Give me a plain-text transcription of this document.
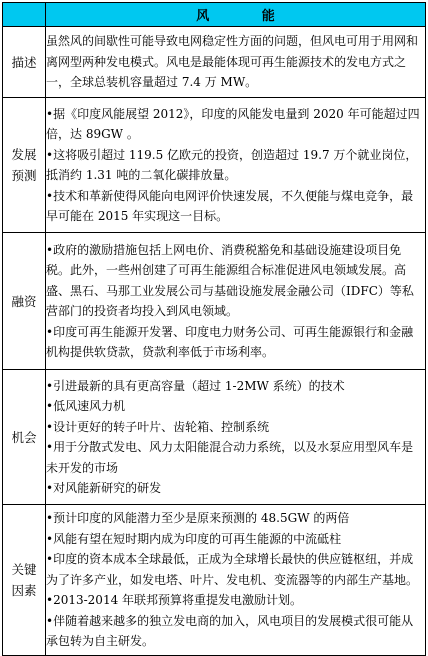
	风 能
描述	虽然风的间歇性可能导致电网稳定性方面的问题，但风电可用于用网和离网型两种发电模式。风电是最能体现可再生能源技术的发电方式之一，全球总装机容量超过 7.4 万 MW。

发展预测	•据《印度风能展望 2012》，印度的风能发电量到 2020 年可能超过四倍，达 89GW 。

•这将吸引超过 119.5 亿欧元的投资，创造超过 19.7 万个就业岗位，抵消约 1.31 吨的二氧化碳排放量。

•技术和革新使得风能向电网评价快速发展，不久便能与煤电竞争，最早可能在 2015 年实现这一目标。

融资	•政府的激励措施包括上网电价、消费税豁免和基础设施建设项目免税。此外，一些州创建了可再生能源组合标准促进风电领域发展。高盛、黑石、马那工业发展公司与基础设施发展金融公司（IDFC）等私营部门的投资者均投入到风电领域。

•印度可再生能源开发署、印度电力财务公司、可再生能源银行和金融机构提供软贷款，贷款利率低于市场利率。

机会	•引进最新的具有更高容量（超过 1-2MW 系统）的技术

•低风速风力机

•设计更好的转子叶片、齿轮箱、控制系统

•用于分散式发电、风力太阳能混合动力系统，以及水泵应用型风车是未开发的市场

•对风能新研究的研发

关键因素	•预计印度的风能潜力至少是原来预测的 48.5GW 的两倍

•风能有望在短时期内成为印度的可再生能源的中流砥柱

•印度的资本成本全球最低，正成为全球增长最快的供应链枢纽，并成为了许多产业，如发电塔、叶片、发电机、变流器等的内部生产基地。

•2013-2014 年联邦预算将重提发电激励计划。

•伴随着越来越多的独立发电商的加入，风电项目的发展模式很可能从承包转为自主研发。
